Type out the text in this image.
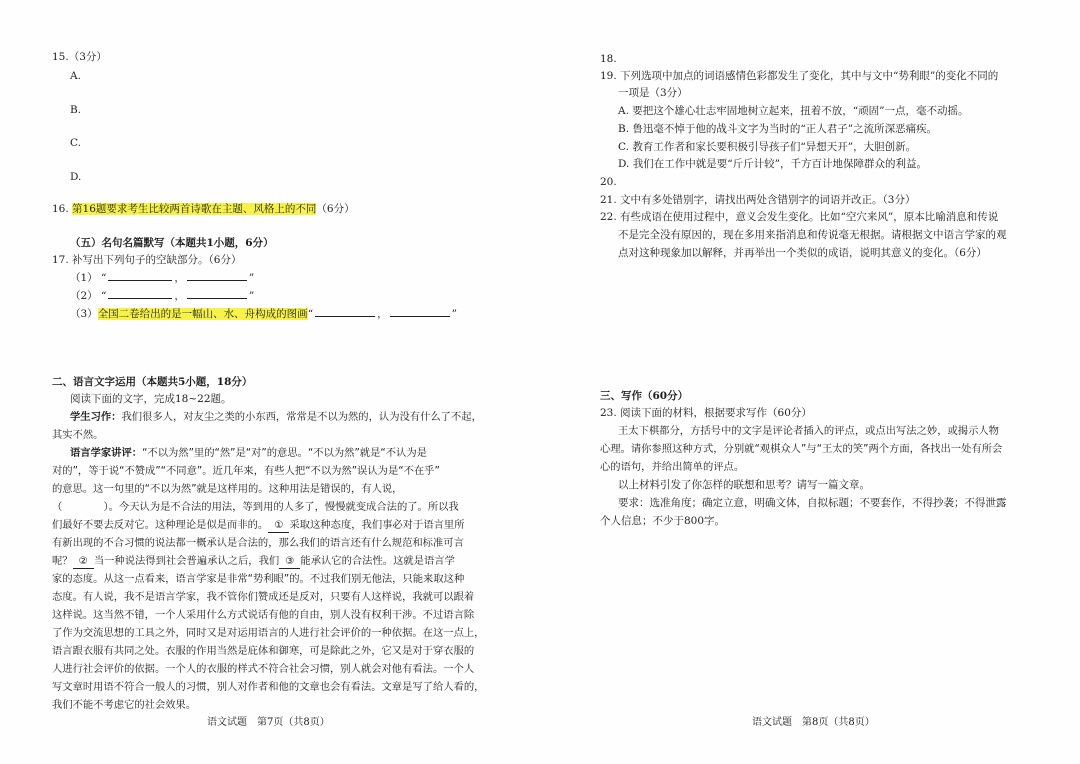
15.（3分）
A.
B.
C.
D.
16. 第16题要求考生比较两首诗歌在主题、风格上的不同（6分）
（五）名句名篇默写（本题共1小题，6分）
17. 补写出下列句子的空缺部分。（6分）
（1） “	，	”
（2） “	，	”
（3）全国二卷给出的是一幅山、水、舟构成的图画“	，	”
二、语言文字运用（本题共5小题，18分）
阅读下面的文字，完成18~22题。
学生习作：我们很多人，对友尘之类的小东西，常常是不以为然的，认为没有什么了不起，
其实不然。
语言学家讲评：“不以为然”里的“然”是“对”的意思。“不以为然”就是“不认为是
对的”，等于说“不赞成”“不同意”。近几年来，有些人把“不以为然”误认为是“不在乎”
的意思。这一句里的“不以为然”就是这样用的。这种用法是错误的，有人说，
（　　　　）。今天认为是不合法的用法，等到用的人多了，慢慢就变成合法的了。所以我
们最好不要去反对它。这种理论是似是而非的。 ① 采取这种态度，我们事必对于语言里所
有新出现的不合习惯的说法都一概承认是合法的，那么我们的语言还有什么规范和标准可言
呢？ ② 当一种说法得到社会普遍承认之后，我们 ③ 能承认它的合法性。这就是语言学
家的态度。从这一点看来，语言学家是非常“势利眼”的。不过我们别无他法，只能来取这种
态度。有人说，我不是语言学家，我不管你们赞成还是反对，只要有人这样说，我就可以跟着
这样说。这当然不错，一个人采用什么方式说话有他的自由，别人没有权利干涉。不过语言除
了作为交流思想的工具之外，同时又是对运用语言的人进行社会评价的一种依据。在这一点上，
语言跟衣服有共同之处。衣服的作用当然是庇体和御寒，可是除此之外，它又是对于穿衣服的
人进行社会评价的依据。一个人的衣服的样式不符合社会习惯，别人就会对他有看法。一个人
写文章时用语不符合一般人的习惯，别人对作者和他的文章也会有看法。文章是写了给人看的，
我们不能不考虑它的社会效果。
语文试题　第7页（共8页）
18.
19. 下列选项中加点的词语感情色彩都发生了变化，其中与文中“势利眼”的变化不同的
一项是（3分）
A. 要把这个雄心壮志牢固地树立起来，扭着不放，“顽固”一点，毫不动摇。
B. 鲁迅毫不悼于他的战斗文字为当时的“正人君子”之流所深恶痛疾。
C. 教育工作者和家长要积极引导孩子们“异想天开”，大胆创新。
D. 我们在工作中就是要“斤斤计较”，千方百计地保障群众的利益。
20.
21. 文中有多处错别字，请找出两处含错别字的词语并改正。（3分）
22. 有些成语在使用过程中，意义会发生变化。比如“空穴来风”，原本比喻消息和传说
不是完全没有原因的，现在多用来指消息和传说毫无根据。请根据文中语言学家的观
点对这种现象加以解释，并再举出一个类似的成语，说明其意义的变化。（6分）
三、写作（60分）
23. 阅读下面的材料，根据要求写作（60分）
王太下棋都分，方括号中的文字是评论者插入的评点，或点出写法之妙，或揭示人物
心理。请你参照这种方式，分别就“观棋众人”与“王太的笑”两个方面，各找出一处有所会
心的语句，并给出简单的评点。
以上材料引发了你怎样的联想和思考？请写一篇文章。
要求：选准角度；确定立意，明确文体，自拟标题；不要套作，不得抄袭；不得泄露
个人信息；不少于800字。
语文试题　第8页（共8页）
